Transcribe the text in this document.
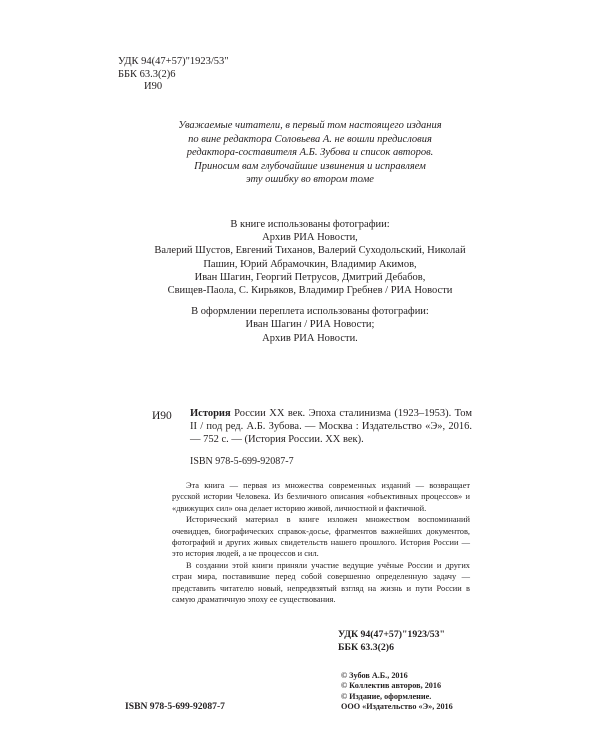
УДК 94(47+57)"1923/53"
ББК 63.3(2)6
И90
Уважаемые читатели, в первый том настоящего издания
по вине редактора Соловьева А. не вошли предисловия
редактора-составителя А.Б. Зубова и список авторов.
Приносим вам глубочайшие извинения и исправляем
эту ошибку во втором томе
В книге использованы фотографии:
Архив РИА Новости,
Валерий Шустов, Евгений Тиханов, Валерий Суходольский, Николай
Пашин, Юрий Абрамочкин, Владимир Акимов,
Иван Шагин, Георгий Петрусов, Дмитрий Дебабов,
Свищев-Паола, С. Кирьяков, Владимир Гребнев / РИА Новости
В оформлении переплета использованы фотографии:
Иван Шагин / РИА Новости;
Архив РИА Новости.
И90 История России XX век. Эпоха сталинизма (1923–1953). Том II / под ред. А.Б. Зубова. — Москва : Издательство «Э», 2016. — 752 с. — (История России. XX век).
ISBN 978-5-699-92087-7

Эта книга — первая из множества современных изданий — возвращает русской истории Человека. Из безличного описания «объективных процессов» и «движущих сил» она делает историю живой, личностной и фактичной.

Исторический материал в книге изложен множеством воспоминаний очевидцев, биографических справок-досье, фрагментов важнейших документов, фотографий и других живых свидетельств нашего прошлого. История России — это история людей, а не процессов и сил.

В создании этой книги приняли участие ведущие учёные России и других стран мира, поставившие перед собой совершенно определенную задачу — представить читателю новый, непредвзятый взгляд на жизнь и пути России в самую драматичную эпоху ее существования.

УДК 94(47+57)"1923/53"
ББК 63.3(2)6
© Зубов А.Б., 2016
© Коллектив авторов, 2016
© Издание, оформление.
ООО «Издательство «Э», 2016
ISBN 978-5-699-92087-7
